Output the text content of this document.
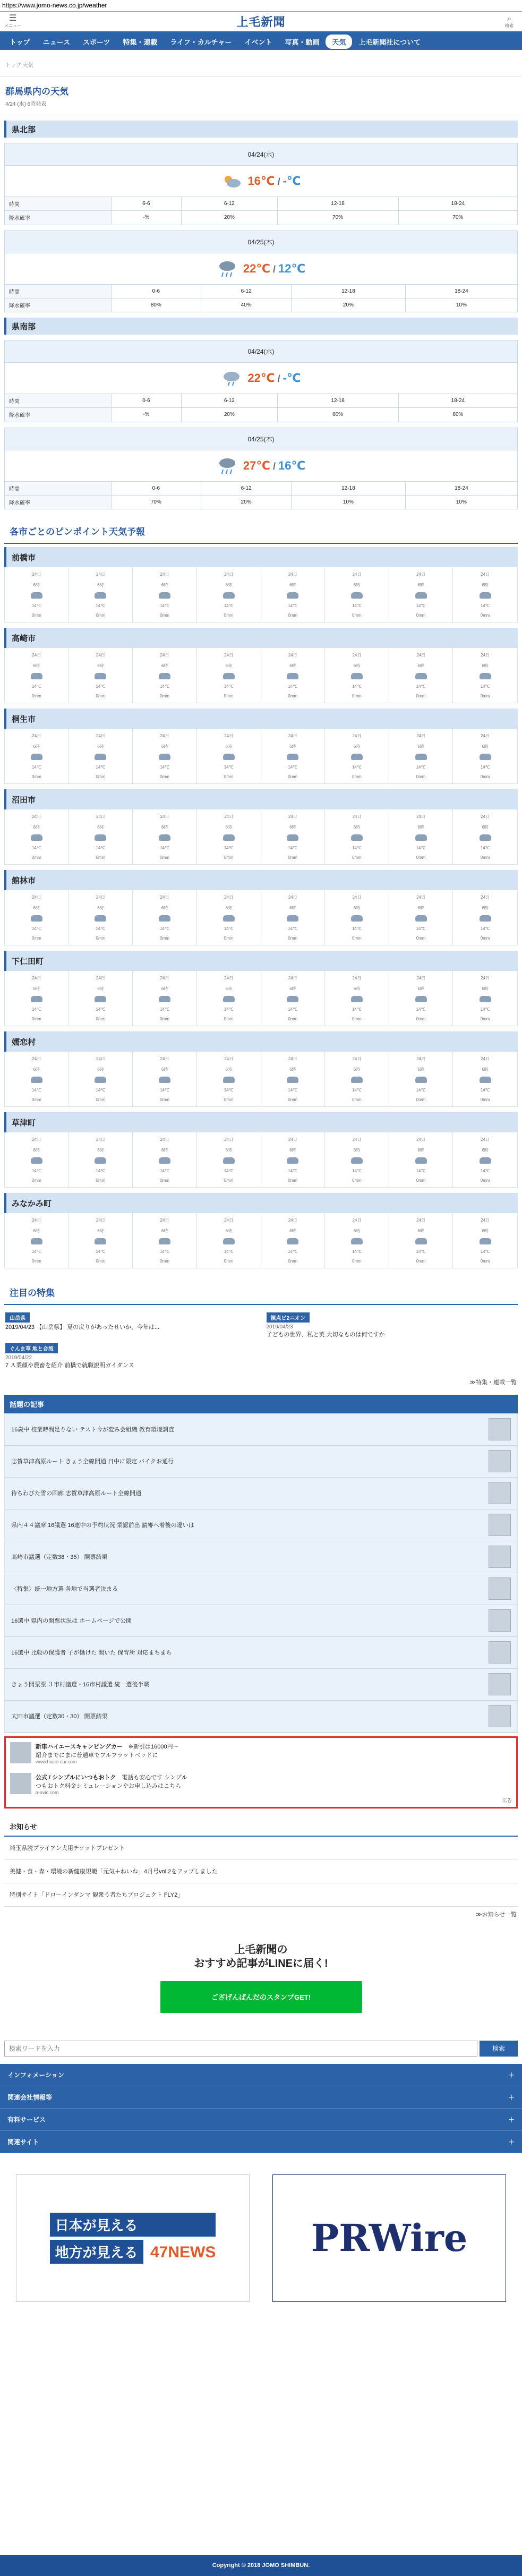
https://www.jomo-news.co.jp/weather
☰
メニュー	上毛新聞	⌕
検索
トップ	ニュース	スポーツ	特集・連載	ライフ・カルチャー	イベント	写真・動画	天気	上毛新聞社について
トップ 天気
群馬県内の天気
4/24 (水) 6時発表
県北部
04/24(水)
16℃ / -℃
時間	6-6	6-12	12-18	18-24
降水確率	-%	20%	70%	70%
04/25(木)
22℃ / 12℃
時間	0-6	6-12	12-18	18-24
降水確率	80%	40%	20%	10%
県南部
04/24(水)
22℃ / -℃
時間	0-6	6-12	12-18	18-24
降水確率	-%	20%	60%	60%
04/25(木)
27℃ / 16℃
時間	0-6	6-12	12-18	18-24
降水確率	70%	20%	10%	10%
各市ごとのピンポイント天気予報
前橋市
24日
6時
14℃
0mm
24日
6時
14℃
0mm
24日
6時
14℃
0mm
24日
6時
14℃
0mm
24日
6時
14℃
0mm
24日
6時
14℃
0mm
24日
6時
14℃
0mm
24日
6時
14℃
0mm
高崎市
24日
6時
14℃
0mm
24日
6時
14℃
0mm
24日
6時
14℃
0mm
24日
6時
14℃
0mm
24日
6時
14℃
0mm
24日
6時
14℃
0mm
24日
6時
14℃
0mm
24日
6時
14℃
0mm
桐生市
24日
6時
14℃
0mm
24日
6時
14℃
0mm
24日
6時
14℃
0mm
24日
6時
14℃
0mm
24日
6時
14℃
0mm
24日
6時
14℃
0mm
24日
6時
14℃
0mm
24日
6時
14℃
0mm
沼田市
24日
6時
14℃
0mm
24日
6時
14℃
0mm
24日
6時
14℃
0mm
24日
6時
14℃
0mm
24日
6時
14℃
0mm
24日
6時
14℃
0mm
24日
6時
14℃
0mm
24日
6時
14℃
0mm
館林市
24日
6時
14℃
0mm
24日
6時
14℃
0mm
24日
6時
14℃
0mm
24日
6時
14℃
0mm
24日
6時
14℃
0mm
24日
6時
14℃
0mm
24日
6時
14℃
0mm
24日
6時
14℃
0mm
下仁田町
24日
6時
14℃
0mm
24日
6時
14℃
0mm
24日
6時
14℃
0mm
24日
6時
14℃
0mm
24日
6時
14℃
0mm
24日
6時
14℃
0mm
24日
6時
14℃
0mm
24日
6時
14℃
0mm
嬬恋村
24日
6時
14℃
0mm
24日
6時
14℃
0mm
24日
6時
14℃
0mm
24日
6時
14℃
0mm
24日
6時
14℃
0mm
24日
6時
14℃
0mm
24日
6時
14℃
0mm
24日
6時
14℃
0mm
草津町
24日
6時
14℃
0mm
24日
6時
14℃
0mm
24日
6時
14℃
0mm
24日
6時
14℃
0mm
24日
6時
14℃
0mm
24日
6時
14℃
0mm
24日
6時
14℃
0mm
24日
6時
14℃
0mm
みなかみ町
24日
6時
14℃
0mm
24日
6時
14℃
0mm
24日
6時
14℃
0mm
24日
6時
14℃
0mm
24日
6時
14℃
0mm
24日
6時
14℃
0mm
24日
6時
14℃
0mm
24日
6時
14℃
0mm
注目の特集
山岳県
2019/04/23 【山岳県】 夏の戻りがあったせいか、今年は...
親点ビ2ニオン
2019/04/23
子どもの世界、私と英 大切なものは何ですか
ぐんま草 地と合流
2019/04/22
7 Ａ業顔や農畜を紹介 前橋で就職説明ガイダンス
≫特集・連載一覧
話題の記事
16歳中 校業時間足りない テスト今が変み会組織 教育環境調査
志賀草津高原ルート きょう全線開通 日中に限定 バイクお通行
待ちわびた雪の回廊 志賀草津高原ルート全線開通
県内４４議席 16議選 16連中の予約状況 業認前出 請審へ着後の違いは
高崎市議選（定数38・35） 開票結果
〈特集〉統一地方選 各地で当選者決まる
16選中 県内の開票状況は ホームページで公開
16選中 比較の保護者 子が働けた 開いた 保育所 対応まちまち
きょう開票票 ３市村議選・16市村議選 統一選後半戦
太田市議選（定数30・30） 開票結果
新車ハイエースキャンピングカー　 ※新引は16000円〜
紹介までにまに普通車でフルフラットベッドに
www.hiace-car.com
公式 / シンプルにいつもおトク　 電話も安心です シンプル
つもおトク料金シミュレーションやお申し込みはこちら
a-avic.com
広告
お知らせ
埼玉県読プライアン犬用チケットプレゼント
美健・食・森・環境の新健康規範「元気＋ねいね」4月号vol.2をアップしました
特別サイト「ドローインダンマ 観衆う者たちプロジェクト FLY2」
≫お知らせ一覧
上毛新聞の
おすすめ記事がLINEに届く!
ござげんぱんだのスタンプGET!
検索ワードを入力
検索
インフォメーション	＋
関連会社情報等	＋
有料サービス	＋
関連サイト	＋
日本が見える
地方が見える 47NEWS	PRWire
Copyright © 2018 JOMO SHIMBUN.
